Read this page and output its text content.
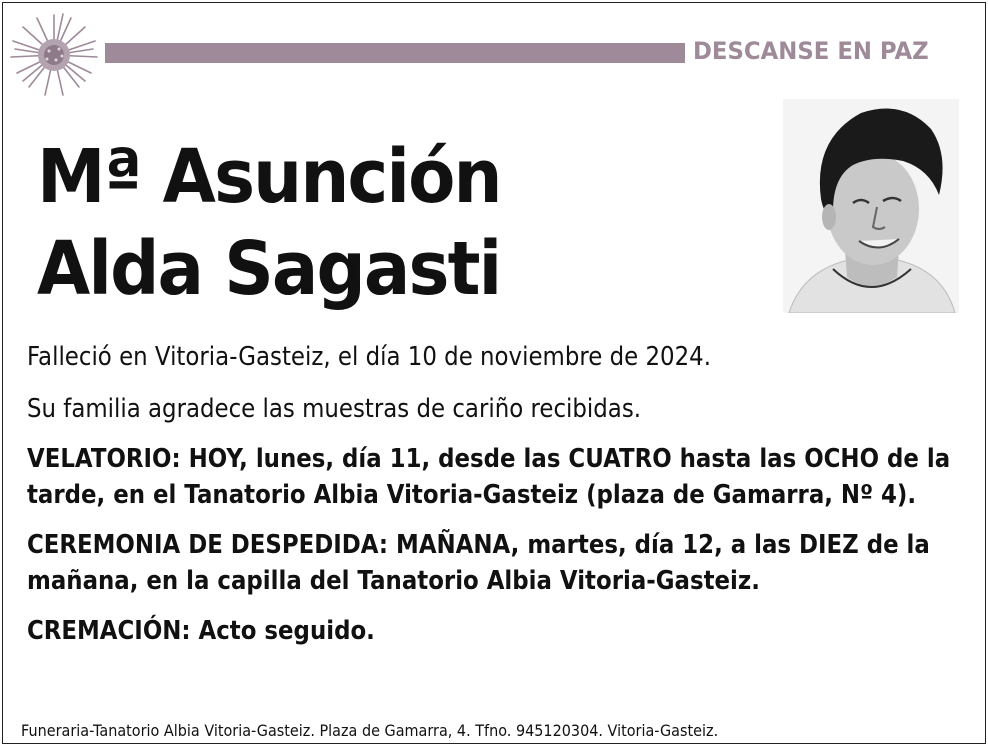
DESCANSE EN PAZ
Mª Asunción
Alda Sagasti

Falleció en Vitoria-Gasteiz, el día 10 de noviembre de 2024.

Su familia agradece las muestras de cariño recibidas.

VELATORIO: HOY, lunes, día 11, desde las CUATRO hasta las OCHO de la tarde, en el Tanatorio Albia Vitoria-Gasteiz (plaza de Gamarra, Nº 4).

CEREMONIA DE DESPEDIDA: MAÑANA, martes, día 12, a las DIEZ de la mañana, en la capilla del Tanatorio Albia Vitoria-Gasteiz.

CREMACIÓN: Acto seguido.

Funeraria-Tanatorio Albia Vitoria-Gasteiz. Plaza de Gamarra, 4. Tfno. 945120304. Vitoria-Gasteiz.
